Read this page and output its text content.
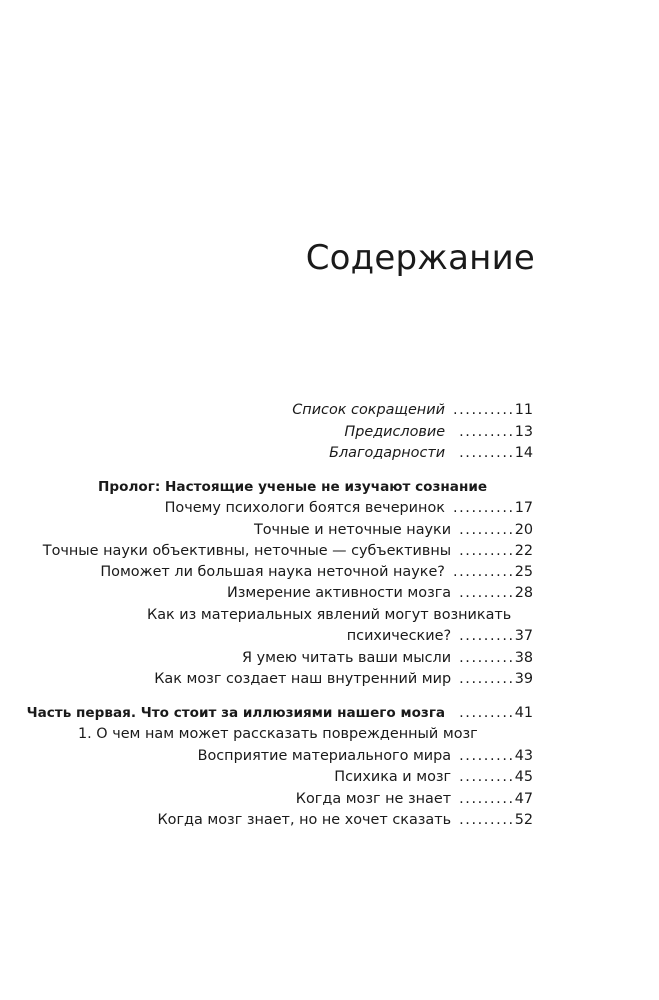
Содержание
Список сокращений .......... 11
Предисловие ......... 13
Благодарности ......... 14
Пролог: Настоящие ученые не изучают сознание
Почему психологи боятся вечеринок .......... 17
Точные и неточные науки ......... 20
Точные науки объективны, неточные — субъективны ......... 22
Поможет ли большая наука неточной науке? .......... 25
Измерение активности мозга ......... 28
Как из материальных явлений могут возникать
психические? ......... 37
Я умею читать ваши мысли ......... 38
Как мозг создает наш внутренний мир ......... 39
Часть первая. Что стоит за иллюзиями нашего мозга ......... 41
1. О чем нам может рассказать поврежденный мозг
Восприятие материального мира ......... 43
Психика и мозг ......... 45
Когда мозг не знает ......... 47
Когда мозг знает, но не хочет сказать ......... 52
